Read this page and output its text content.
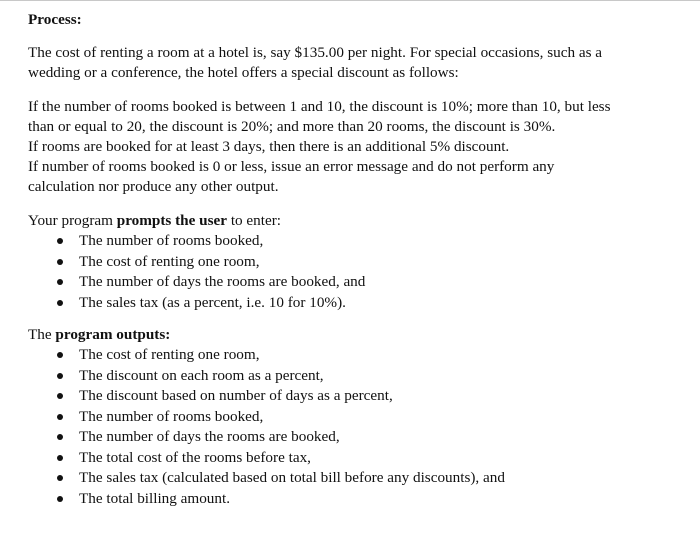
Process:
The cost of renting a room at a hotel is, say $135.00 per night. For special occasions, such as a
wedding or a conference, the hotel offers a special discount as follows:
If the number of rooms booked is between 1 and 10, the discount is 10%; more than 10, but less
than or equal to 20, the discount is 20%; and more than 20 rooms, the discount is 30%.
If rooms are booked for at least 3 days, then there is an additional 5% discount.
If number of rooms booked is 0 or less, issue an error message and do not perform any
calculation nor produce any other output.
Your program prompts the user to enter:
The number of rooms booked,
The cost of renting one room,
The number of days the rooms are booked, and
The sales tax (as a percent, i.e. 10 for 10%).
The program outputs:
The cost of renting one room,
The discount on each room as a percent,
The discount based on number of days as a percent,
The number of rooms booked,
The number of days the rooms are booked,
The total cost of the rooms before tax,
The sales tax (calculated based on total bill before any discounts), and
The total billing amount.
